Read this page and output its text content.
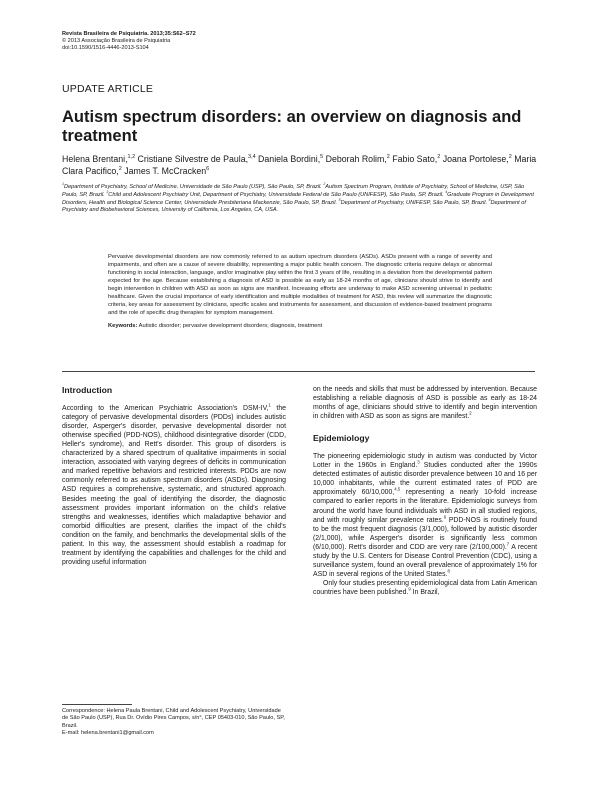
Revista Brasileira de Psiquiatria. 2013;35:S62–S72
© 2013 Associação Brasileira de Psiquiatria
doi:10.1590/1516-4446-2013-S104
UPDATE ARTICLE
Autism spectrum disorders: an overview on diagnosis and treatment
Helena Brentani,$^{1,2}$ Cristiane Silvestre de Paula,$^{3,4}$ Daniela Bordini,$^5$ Deborah Rolim,$^2$ Fabio Sato,$^2$ Joana Portolese,$^2$ Maria Clara Pacifico,$^2$ James T. McCracken$^6$
$^1$Department of Psychiatry, School of Medicine, Universidade de São Paulo (USP), São Paulo, SP, Brazil. $^2$Autism Spectrum Program, Institute of Psychiatry, School of Medicine, USP, São Paulo, SP, Brazil. $^3$Child and Adolescent Psychiatry Unit, Department of Psychiatry, Universidade Federal de São Paulo (UNIFESP), São Paulo, SP, Brazil. $^4$Graduate Program in Development Disorders, Health and Biological Science Center, Universidade Presbiteriana Mackenzie, São Paulo, SP, Brazil. $^5$Department of Psychiatry, UNIFESP, São Paulo, SP, Brazil. $^6$Department of Psychiatry and Biobehavioral Sciences, University of California, Los Angeles, CA, USA.
Pervasive developmental disorders are now commonly referred to as autism spectrum disorders (ASDs). ASDs present with a range of severity and impairments, and often are a cause of severe disability, representing a major public health concern. The diagnostic criteria require delays or abnormal functioning in social interaction, language, and/or imaginative play within the first 3 years of life, resulting in a deviation from the developmental pattern expected for the age. Because establishing a diagnosis of ASD is possible as early as 18-24 months of age, clinicians should strive to identify and begin intervention in children with ASD as soon as signs are manifest. Increasing efforts are underway to make ASD screening universal in pediatric healthcare. Given the crucial importance of early identification and multiple modalities of treatment for ASD, this review will summarize the diagnostic criteria, key areas for assessment by clinicians, specific scales and instruments for assessment, and discussion of evidence-based treatment programs and the role of specific drug therapies for symptom management.
Keywords: Autistic disorder; pervasive development disorders; diagnosis, treatment
Introduction

According to the American Psychiatric Association's DSM-IV,$^1$ the category of pervasive developmental disorders (PDDs) includes autistic disorder, Asperger's disorder, pervasive developmental disorder not otherwise specified (PDD-NOS), childhood disintegrative disorder (CDD, Heller's syndrome), and Rett's disorder. This group of disorders is characterized by a shared spectrum of qualitative impairments in social interaction, associated with varying degrees of deficits in communication and marked repetitive behaviors and restricted interests. PDDs are now commonly referred to as autism spectrum disorders (ASDs). Diagnosing ASD requires a comprehensive, systematic, and structured approach. Besides meeting the goal of identifying the disorder, the diagnostic assessment provides important information on the child's relative strengths and weaknesses, identifies which maladaptive behavior and comorbid difficulties are present, clarifies the impact of the child's condition on the family, and benchmarks the developmental skills of the patient. In this way, the assessment should establish a roadmap for treatment by identifying the capabilities and challenges for the child and providing useful information

on the needs and skills that must be addressed by intervention. Because establishing a reliable diagnosis of ASD is possible as early as 18-24 months of age, clinicians should strive to identify and begin intervention in children with ASD as soon as signs are manifest.$^2$

Epidemiology

The pioneering epidemiologic study in autism was conducted by Victor Lotter in the 1960s in England.$^3$ Studies conducted after the 1990s detected estimates of autistic disorder prevalence between 10 and 16 per 10,000 inhabitants, while the current estimated rates of PDD are approximately 60/10,000,$^{4,5}$ representing a nearly 10-fold increase compared to earlier reports in the literature. Epidemiologic surveys from around the world have found individuals with ASD in all studied regions, and with roughly similar prevalence rates.$^6$ PDD-NOS is routinely found to be the most frequent diagnosis (3/1,000), followed by autistic disorder (2/1,000), while Asperger's disorder is significantly less common (6/10,000). Rett's disorder and CDD are very rare (2/100,000).$^7$ A recent study by the U.S. Centers for Disease Control Prevention (CDC), using a surveillance system, found an overall prevalence of approximately 1% for ASD in several regions of the United States.$^8$

Only four studies presenting epidemiological data from Latin American countries have been published.$^9$ In Brazil,

Correspondence: Helena Paula Brentani, Child and Adolescent Psychiatry, Universidade de São Paulo (USP), Rua Dr. Ovídio Pires Campos, s/n°, CEP 05403-010, São Paulo, SP, Brazil.
E-mail: helena.brentani1@gmail.com
